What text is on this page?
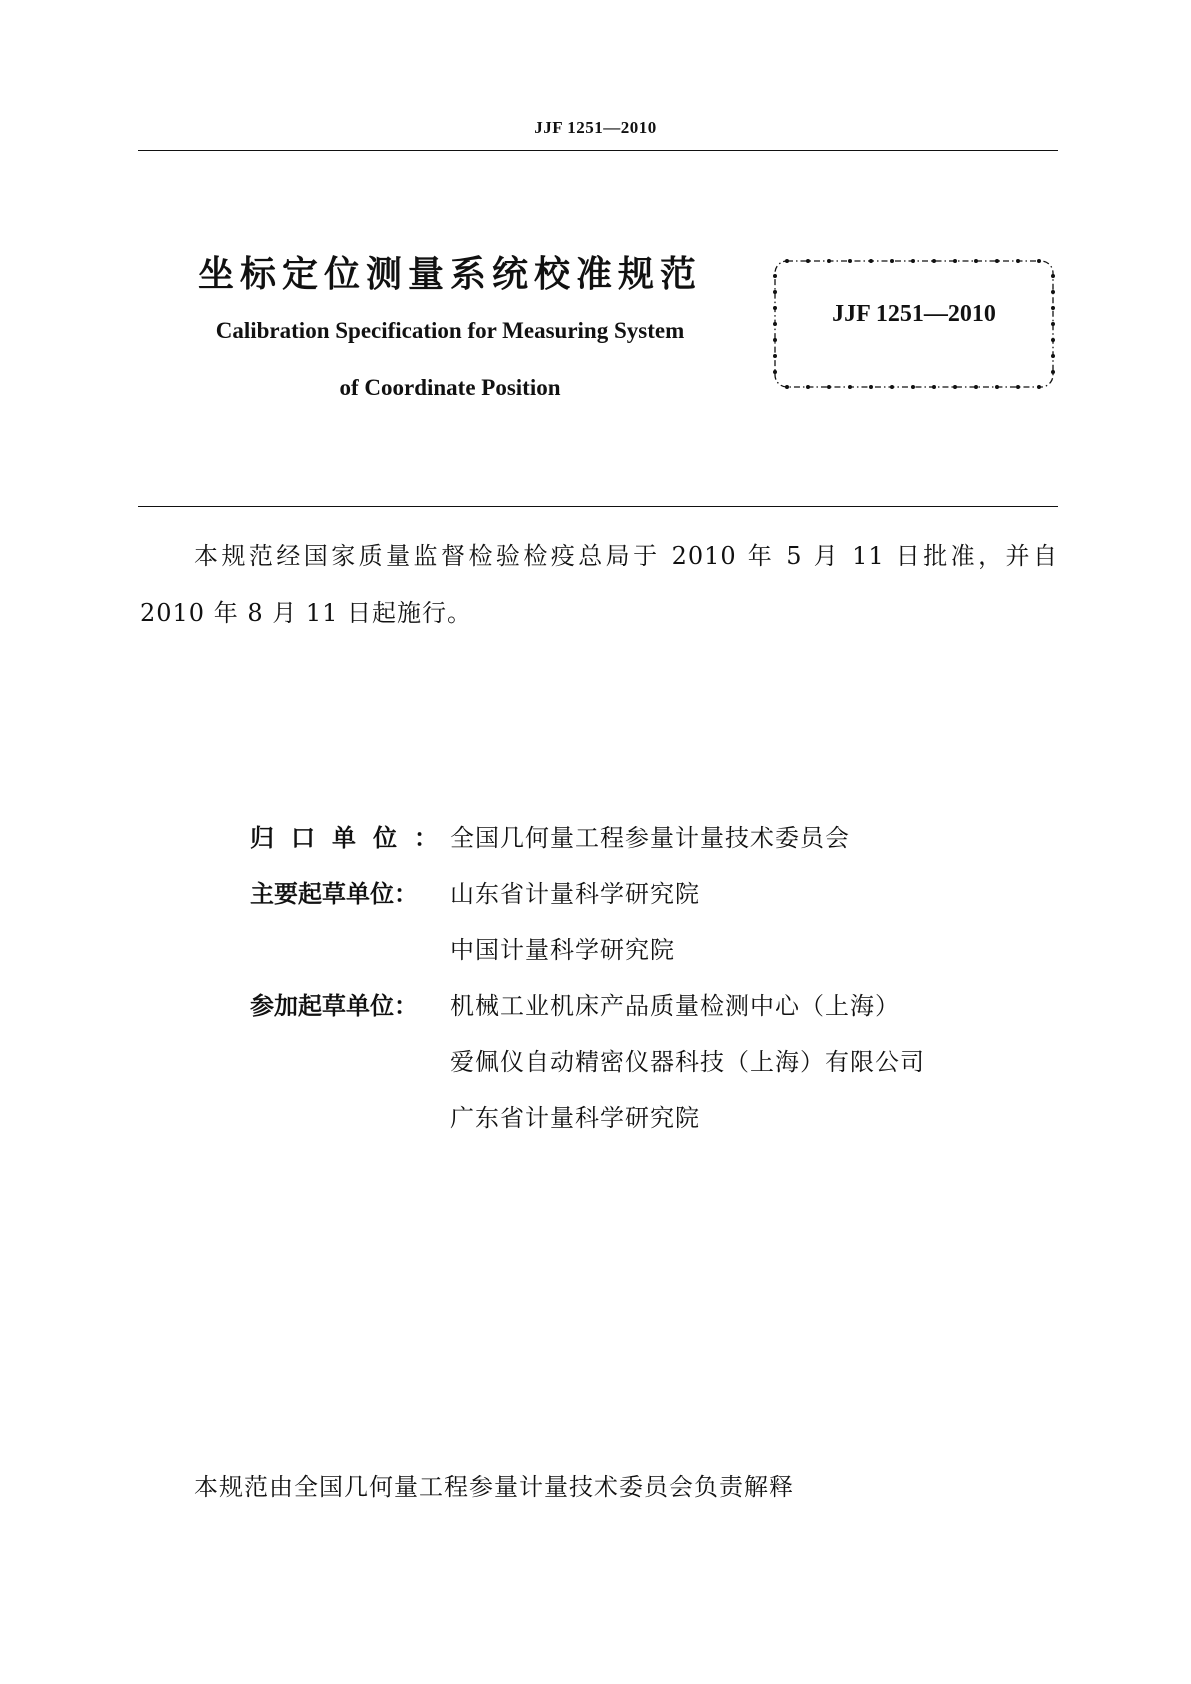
JJF 1251—2010
坐标定位测量系统校准规范
Calibration Specification for Measuring System
of Coordinate Position
JJF 1251—2010
本规范经国家质量监督检验检疫总局于 2010 年 5 月 11 日批准，并自 2010 年 8 月 11 日起施行。
归口单位：
全国几何量工程参量计量技术委员会
主要起草单位：	山东省计量科学研究院
中国计量科学研究院
参加起草单位：	机械工业机床产品质量检测中心（上海）
爱佩仪自动精密仪器科技（上海）有限公司
广东省计量科学研究院
本规范由全国几何量工程参量计量技术委员会负责解释
